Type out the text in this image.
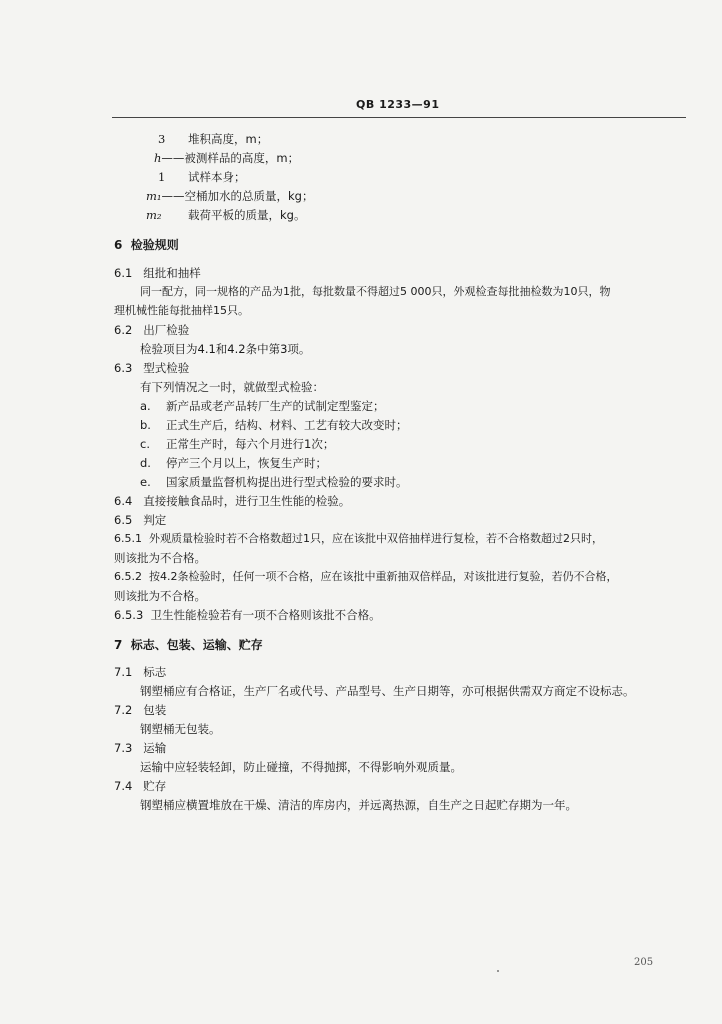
QB 1233—91
3 堆积高度，m；
h——被测样品的高度，m；
1 试样本身；
m₁——空桶加水的总质量，kg；
m₂ 载荷平板的质量，kg。
6 检验规则
6.1 组批和抽样
同一配方，同一规格的产品为1批，每批数量不得超过5 000只，外观检查每批抽检数为10只，物
理机械性能每批抽样15只。
6.2 出厂检验
检验项目为4.1和4.2条中第3项。
6.3 型式检验
有下列情况之一时，就做型式检验：
a. 新产品或老产品转厂生产的试制定型鉴定；
b. 正式生产后，结构、材料、工艺有较大改变时；
c. 正常生产时，每六个月进行1次；
d. 停产三个月以上，恢复生产时；
e. 国家质量监督机构提出进行型式检验的要求时。
6.4 直接接触食品时，进行卫生性能的检验。
6.5 判定
6.5.1 外观质量检验时若不合格数超过1只，应在该批中双倍抽样进行复检，若不合格数超过2只时，
则该批为不合格。
6.5.2 按4.2条检验时，任何一项不合格，应在该批中重新抽双倍样品，对该批进行复验，若仍不合格，
则该批为不合格。
6.5.3 卫生性能检验若有一项不合格则该批不合格。
7 标志、包装、运输、贮存
7.1 标志
钢塑桶应有合格证，生产厂名或代号、产品型号、生产日期等，亦可根据供需双方商定不设标志。
7.2 包装
钢塑桶无包装。
7.3 运输
运输中应轻装轻卸，防止碰撞，不得抛掷，不得影响外观质量。
7.4 贮存
钢塑桶应横置堆放在干燥、清洁的库房内，并远离热源，自生产之日起贮存期为一年。
205
